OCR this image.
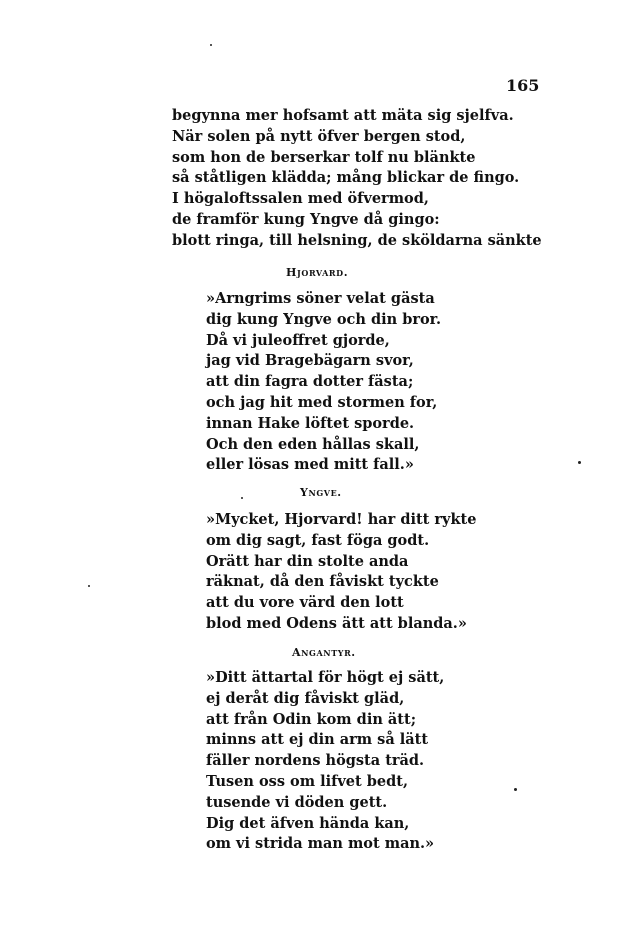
165
begynna mer hofsamt att mäta sig sjelfva.
När solen på nytt öfver bergen stod,
som hon de berserkar tolf nu blänkte
så ståtligen klädda; mång blickar de fingo.
I högaloftssalen med öfvermod,
de framför kung Yngve då gingo:
blott ringa, till helsning, de sköldarna sänkte
Hjorvard.
»Arngrims söner velat gästa
dig kung Yngve och din bror.
Då vi juleoffret gjorde,
jag vid Bragebägarn svor,
att din fagra dotter fästa;
och jag hit med stormen for,
innan Hake löftet sporde.
Och den eden hållas skall,
eller lösas med mitt fall.»
Yngve.
»Mycket, Hjorvard! har ditt rykte
om dig sagt, fast föga godt.
Orätt har din stolte anda
räknat, då den fåviskt tyckte
att du vore värd den lott
blod med Odens ätt att blanda.»
Angantyr.
»Ditt ättartal för högt ej sätt,
ej deråt dig fåviskt gläd,
att från Odin kom din ätt;
minns att ej din arm så lätt
fäller nordens högsta träd.
Tusen oss om lifvet bedt,
tusende vi döden gett.
Dig det äfven hända kan,
om vi strida man mot man.»
